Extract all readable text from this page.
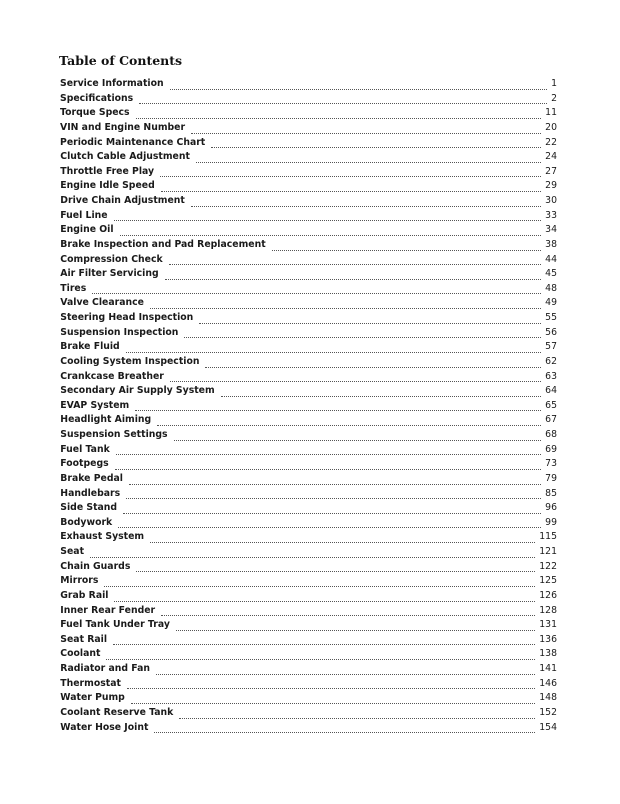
Table of Contents
Service Information	1
Specifications	2
Torque Specs	11
VIN and Engine Number	20
Periodic Maintenance Chart	22
Clutch Cable Adjustment	24
Throttle Free Play	27
Engine Idle Speed	29
Drive Chain Adjustment	30
Fuel Line	33
Engine Oil	34
Brake Inspection and Pad Replacement	38
Compression Check	44
Air Filter Servicing	45
Tires	48
Valve Clearance	49
Steering Head Inspection	55
Suspension Inspection	56
Brake Fluid	57
Cooling System Inspection	62
Crankcase Breather	63
Secondary Air Supply System	64
EVAP System	65
Headlight Aiming	67
Suspension Settings	68
Fuel Tank	69
Footpegs	73
Brake Pedal	79
Handlebars	85
Side Stand	96
Bodywork	99
Exhaust System	115
Seat	121
Chain Guards	122
Mirrors	125
Grab Rail	126
Inner Rear Fender	128
Fuel Tank Under Tray	131
Seat Rail	136
Coolant	138
Radiator and Fan	141
Thermostat	146
Water Pump	148
Coolant Reserve Tank	152
Water Hose Joint	154
